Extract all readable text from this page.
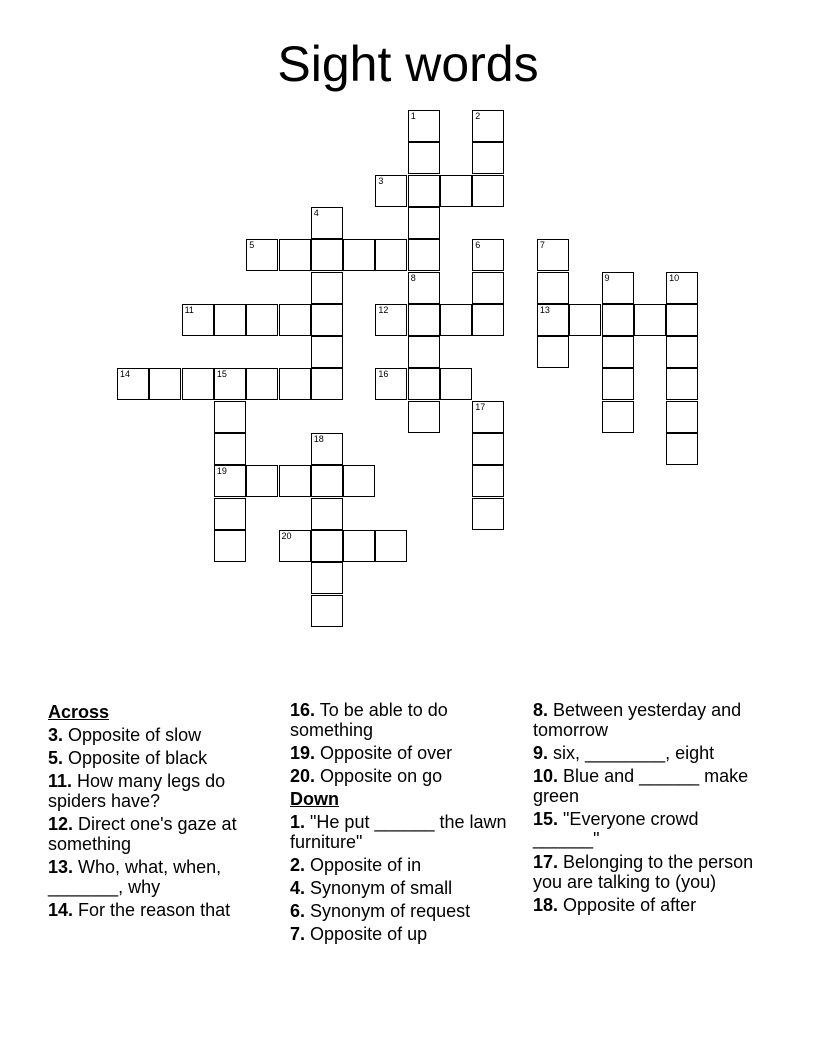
Sight words
3
5
11	12	13
14	15	16
19
20
1	2
4
6	7
8	9	10
17
18
Across
3. Opposite of slow
5. Opposite of black
11. How many legs do spiders have?
12. Direct one's gaze at something
13. Who, what, when, _______, why
14. For the reason that
16. To be able to do something
19. Opposite of over
20. Opposite on go
Down
1. "He put ______ the lawn furniture"
2. Opposite of in
4. Synonym of small
6. Synonym of request
7. Opposite of up
8. Between yesterday and tomorrow
9. six, ________, eight
10. Blue and ______ make green
15. "Everyone crowd ______"
17. Belonging to the person you are talking to (you)
18. Opposite of after
